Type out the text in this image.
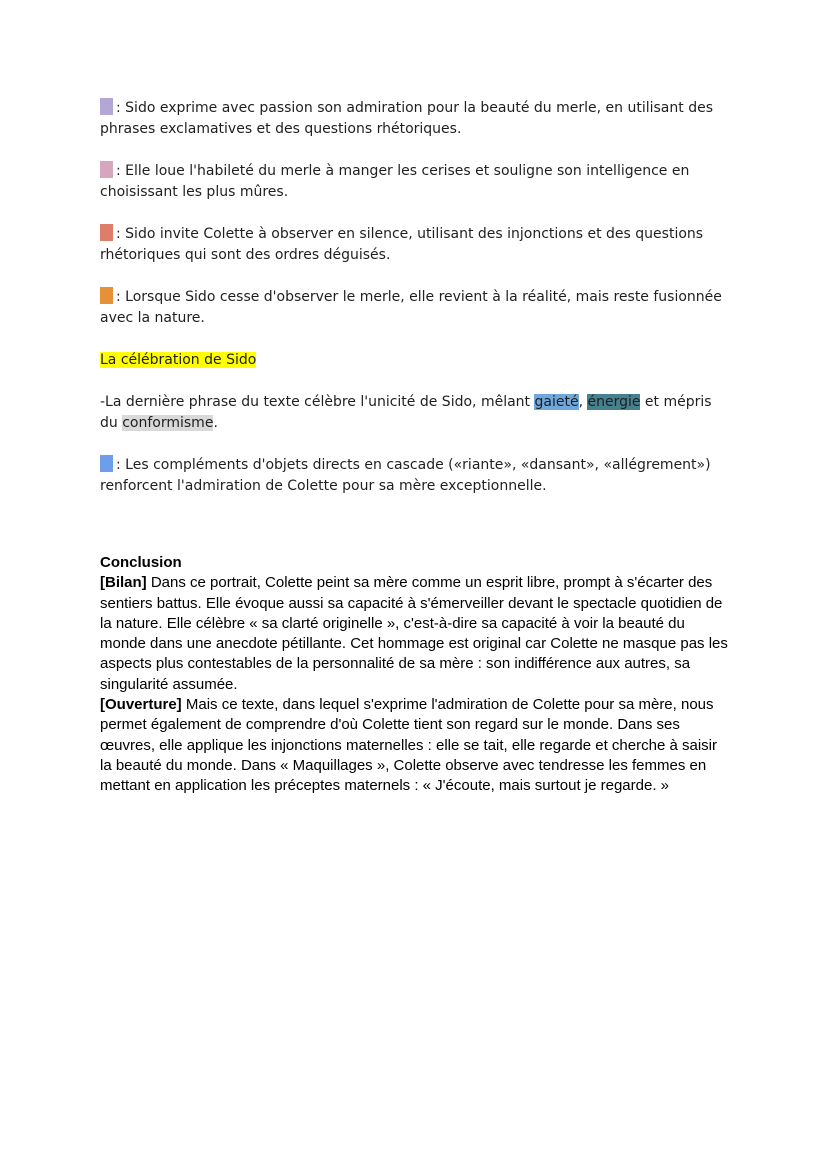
: Sido exprime avec passion son admiration pour la beauté du merle, en utilisant des phrases exclamatives et des questions rhétoriques.

: Elle loue l'habileté du merle à manger les cerises et souligne son intelligence en choisissant les plus mûres.

: Sido invite Colette à observer en silence, utilisant des injonctions et des questions rhétoriques qui sont des ordres déguisés.

: Lorsque Sido cesse d'observer le merle, elle revient à la réalité, mais reste fusionnée avec la nature.

La célébration de Sido

-La dernière phrase du texte célèbre l'unicité de Sido, mêlant gaieté, énergie et mépris du conformisme.

: Les compléments d'objets directs en cascade («riante», «dansant», «allégrement») renforcent l'admiration de Colette pour sa mère exceptionnelle.

Conclusion

[Bilan] Dans ce portrait, Colette peint sa mère comme un esprit libre, prompt à s'écarter des sentiers battus. Elle évoque aussi sa capacité à s'émerveiller devant le spectacle quotidien de la nature. Elle célèbre « sa clarté originelle », c'est-à-dire sa capacité à voir la beauté du monde dans une anecdote pétillante. Cet hommage est original car Colette ne masque pas les aspects plus contestables de la personnalité de sa mère : son indifférence aux autres, sa singularité assumée.

[Ouverture] Mais ce texte, dans lequel s'exprime l'admiration de Colette pour sa mère, nous permet également de comprendre d'où Colette tient son regard sur le monde. Dans ses œuvres, elle applique les injonctions maternelles : elle se tait, elle regarde et cherche à saisir la beauté du monde. Dans « Maquillages », Colette observe avec tendresse les femmes en mettant en application les préceptes maternels : « J'écoute, mais surtout je regarde. »
